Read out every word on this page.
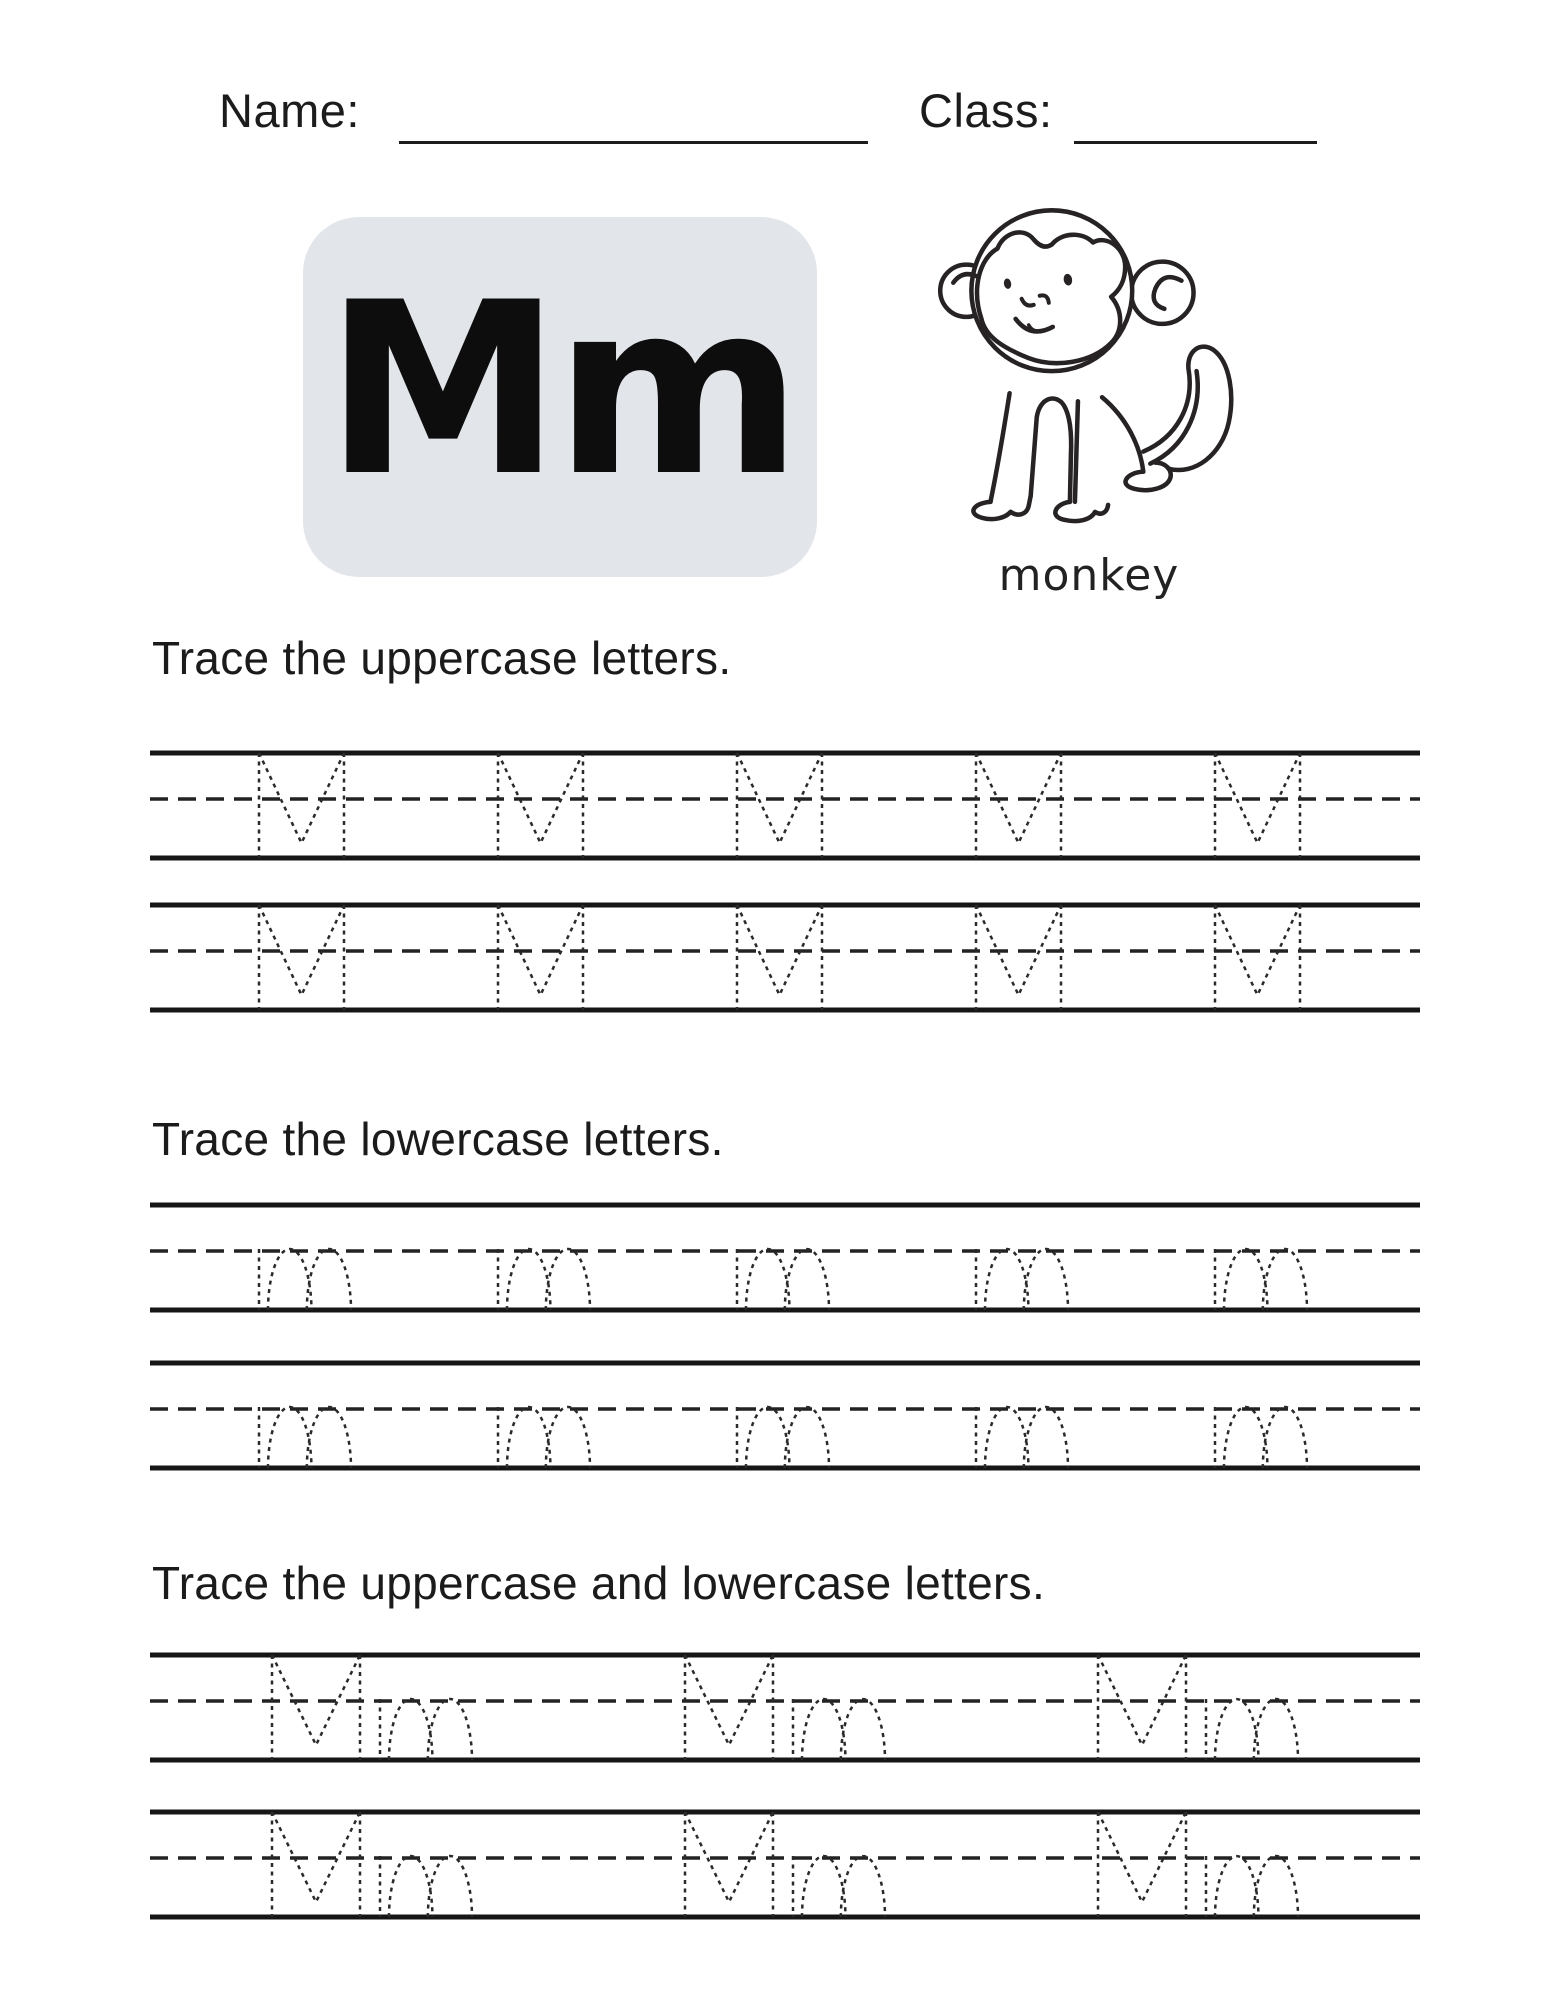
Name:	Class:
Mm
monkey
Trace the uppercase letters.
Trace the lowercase letters.
Trace the uppercase and lowercase letters.
